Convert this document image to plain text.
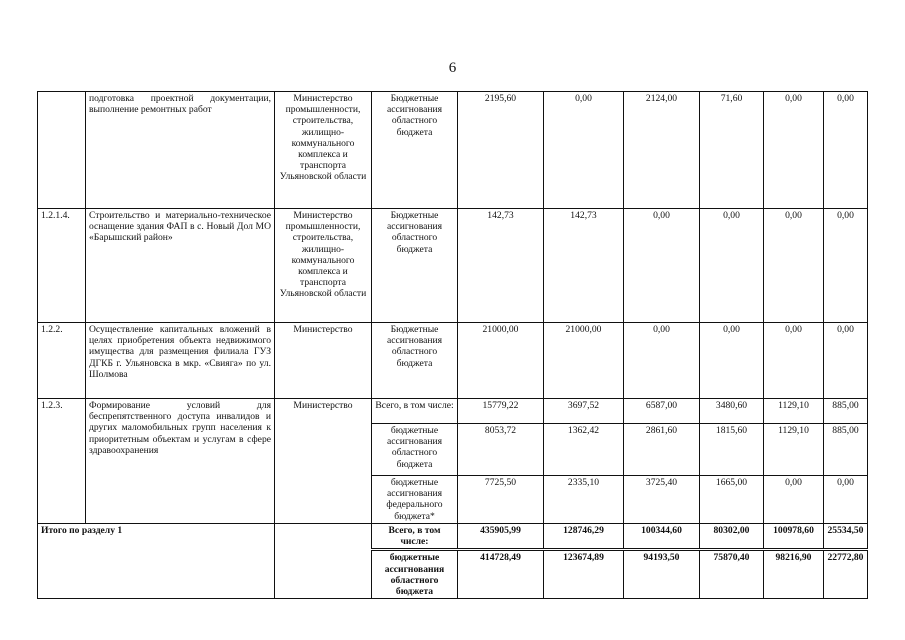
6
	подготовка проектной документации, выполнение ремонтных работ	Министерство промышленности, строительства, жилищно-коммунального комплекса и транспорта Ульяновской области	Бюджетные ассигнования областного бюджета	2195,60	0,00	2124,00	71,60	0,00	0,00
1.2.1.4.	Строительство и материально-техническое оснащение здания ФАП в с. Новый Дол МО «Барышский район»	Министерство промышленности, строительства, жилищно-коммунального комплекса и транспорта Ульяновской области	Бюджетные ассигнования областного бюджета	142,73	142,73	0,00	0,00	0,00	0,00
1.2.2.	Осуществление капитальных вложений в целях приобретения объекта недвижимого имущества для размещения филиала ГУЗ ДГКБ г. Ульяновска в мкр. «Свияга» по ул. Шолмова	Министерство	Бюджетные ассигнования областного бюджета	21000,00	21000,00	0,00	0,00	0,00	0,00
1.2.3.	Формирование условий для беспрепятственного доступа инвалидов и других маломобильных групп населения к приоритетным объектам и услугам в сфере здравоохранения	Министерство	Всего, в том числе:	15779,22	3697,52	6587,00	3480,60	1129,10	885,00
			бюджетные ассигнования областного бюджета	8053,72	1362,42	2861,60	1815,60	1129,10	885,00
			бюджетные ассигнования федерального бюджета*	7725,50	2335,10	3725,40	1665,00	0,00	0,00
Итого по разделу 1			Всего, в том числе:	435905,99	128746,29	100344,60	80302,00	100978,60	25534,50
			бюджетные ассигнования областного бюджета	414728,49	123674,89	94193,50	75870,40	98216,90	22772,80
